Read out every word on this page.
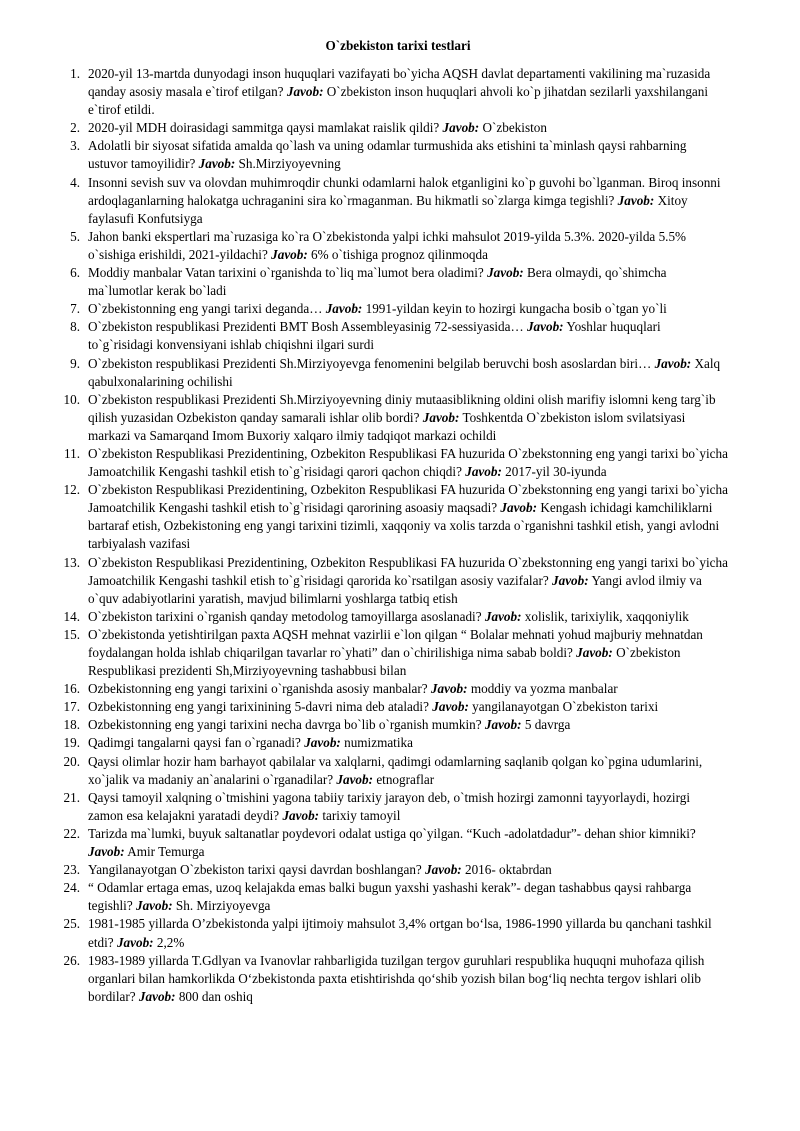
O`zbekiston tarixi testlari
1. 2020-yil 13-martda dunyodagi inson huquqlari vazifayati bo`yicha AQSH davlat departamenti vakilining ma`ruzasida qanday asosiy masala e`tirof etilgan? Javob: O`zbekiston inson huquqlari ahvoli ko`p jihatdan sezilarli yaxshilangani e`tirof etildi.
2. 2020-yil MDH doirasidagi sammitga qaysi mamlakat raislik qildi? Javob: O`zbekiston
3. Adolatli bir siyosat sifatida amalda qo`lash va uning odamlar turmushida aks etishini ta`minlash qaysi rahbarning ustuvor tamoyilidir? Javob: Sh.Mirziyoyevning
4. Insonni sevish suv va olovdan muhimroqdir chunki odamlarni halok etganligini ko`p guvohi bo`lganman. Biroq insonni ardoqlaganlarning halokatga uchraganini sira ko`rmaganman. Bu hikmatli so`zlarga kimga tegishli? Javob: Xitoy faylasufi Konfutsiyga
5. Jahon banki ekspertlari ma`ruzasiga ko`ra O`zbekistonda yalpi ichki mahsulot 2019-yilda 5.3%. 2020-yilda 5.5% o`sishiga erishildi, 2021-yildachi? Javob: 6% o`tishiga prognoz qilinmoqda
6. Moddiy manbalar Vatan tarixini o`rganishda to`liq ma`lumot bera oladimi? Javob: Bera olmaydi, qo`shimcha ma`lumotlar kerak bo`ladi
7. O`zbekistonning eng yangi tarixi deganda… Javob: 1991-yildan keyin to hozirgi kungacha bosib o`tgan yo`li
8. O`zbekiston respublikasi Prezidenti BMT Bosh Assembleyasinig 72-sessiyasida… Javob: Yoshlar huquqlari to`g`risidagi konvensiyani ishlab chiqishni ilgari surdi
9. O`zbekiston respublikasi Prezidenti Sh.Mirziyoyevga fenomenini belgilab beruvchi bosh asoslardan biri… Javob: Xalq qabulxonalarining ochilishi
10. O`zbekiston respublikasi Prezidenti Sh.Mirziyoyevning diniy mutaasiblikning oldini olish marifiy islomni keng targ`ib qilish yuzasidan Ozbekiston qanday samarali ishlar olib bordi? Javob: Toshkentda O`zbekiston islom svilatsiyasi markazi va Samarqand Imom Buxoriy xalqaro ilmiy tadqiqot markazi ochildi
11. O`zbekiston Respublikasi Prezidentining, Ozbekiton Respublikasi FA huzurida O`zbekstonning eng yangi tarixi bo`yicha Jamoatchilik Kengashi tashkil etish to`g`risidagi qarori qachon chiqdi? Javob: 2017-yil 30-iyunda
12. O`zbekiston Respublikasi Prezidentining, Ozbekiton Respublikasi FA huzurida O`zbekstonning eng yangi tarixi bo`yicha Jamoatchilik Kengashi tashkil etish to`g`risidagi qarorining asoasiy maqsadi? Javob: Kengash ichidagi kamchiliklarni bartaraf etish, Ozbekistoning eng yangi tarixini tizimli, xaqqoniy va xolis tarzda o`rganishni tashkil etish, yangi avlodni tarbiyalash vazifasi
13. O`zbekiston Respublikasi Prezidentining, Ozbekiton Respublikasi FA huzurida O`zbekstonning eng yangi tarixi bo`yicha Jamoatchilik Kengashi tashkil etish to`g`risidagi qarorida ko`rsatilgan asosiy vazifalar? Javob: Yangi avlod ilmiy va o`quv adabiyotlarini yaratish, mavjud bilimlarni yoshlarga tatbiq etish
14. O`zbekiston tarixini o`rganish qanday metodolog tamoyillarga asoslanadi? Javob: xolislik, tarixiylik, xaqqoniylik
15. O`zbekistonda yetishtirilgan paxta AQSH mehnat vazirlii e`lon qilgan “ Bolalar mehnati yohud majburiy mehnatdan foydalangan holda ishlab chiqarilgan tavarlar ro`yhati” dan o`chirilishiga nima sabab boldi? Javob: O`zbekiston Respublikasi prezidenti Sh,Mirziyoyevning tashabbusi bilan
16. Ozbekistonning eng yangi tarixini o`rganishda asosiy manbalar? Javob: moddiy va yozma manbalar
17. Ozbekistonning eng yangi tarixinining 5-davri nima deb ataladi? Javob: yangilanayotgan O`zbekiston tarixi
18. Ozbekistonning eng yangi tarixini necha davrga bo`lib o`rganish mumkin? Javob: 5 davrga
19. Qadimgi tangalarni qaysi fan o`rganadi? Javob: numizmatika
20. Qaysi olimlar hozir ham barhayot qabilalar va xalqlarni, qadimgi odamlarning saqlanib qolgan ko`pgina udumlarini, xo`jalik va madaniy an`analarini o`rganadilar? Javob: etnograflar
21. Qaysi tamoyil xalqning o`tmishini yagona tabiiy tarixiy jarayon deb, o`tmish hozirgi zamonni tayyorlaydi, hozirgi zamon esa kelajakni yaratadi deydi? Javob: tarixiy tamoyil
22. Tarizda ma`lumki, buyuk saltanatlar poydevori odalat ustiga qo`yilgan. “Kuch -adolatdadur”- dehan shior kimniki? Javob: Amir Temurga
23. Yangilanayotgan O`zbekiston tarixi qaysi davrdan boshlangan? Javob: 2016- oktabrdan
24. “ Odamlar ertaga emas, uzoq kelajakda emas balki bugun yaxshi yashashi kerak”- degan tashabbus qaysi rahbarga tegishli? Javob: Sh. Mirziyoyevga
25. 1981-1985 yillarda O’zbekistonda yalpi ijtimoiy mahsulot 3,4% ortgan bo‘lsa, 1986-1990 yillarda bu qanchani tashkil etdi? Javob: 2,2%
26. 1983-1989 yillarda T.Gdlyan va Ivanovlar rahbarligida tuzilgan tergov guruhlari respublika huquqni muhofaza qilish organlari bilan hamkorlikda O‘zbekistonda paxta etishtirishda qo‘shib yozish bilan bog‘liq nechta tergov ishlari olib bordilar? Javob: 800 dan oshiq
